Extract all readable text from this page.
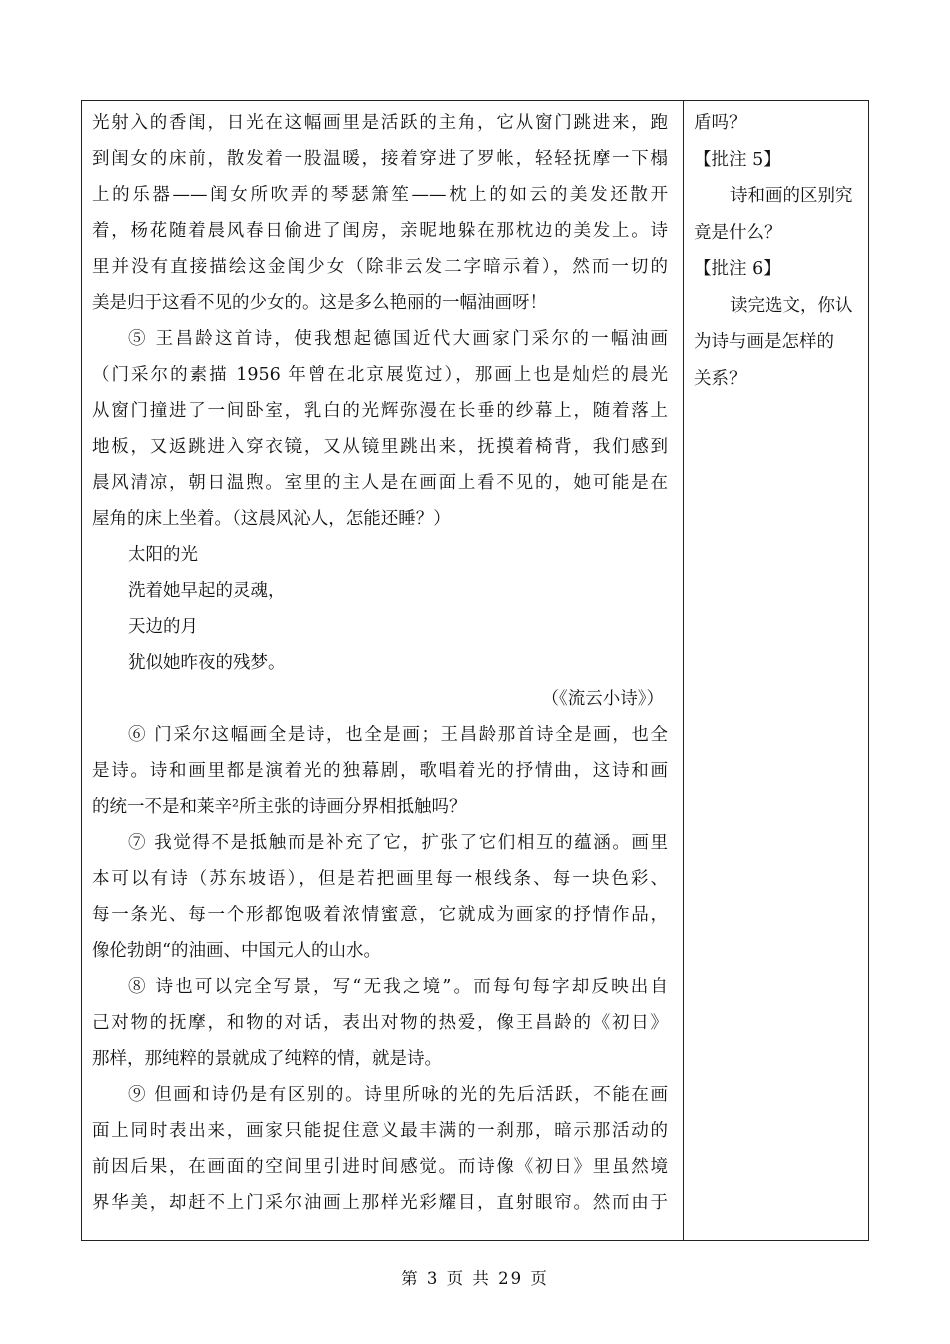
光射入的香闺，日光在这幅画里是活跃的主角，它从窗门跳进来，跑
到闺女的床前，散发着一股温暖，接着穿进了罗帐，轻轻抚摩一下榻
上的乐器——闺女所吹弄的琴瑟箫笙——枕上的如云的美发还散开
着，杨花随着晨风春日偷进了闺房，亲昵地躲在那枕边的美发上。诗
里并没有直接描绘这金闺少女（除非云发二字暗示着），然而一切的
美是归于这看不见的少女的。这是多么艳丽的一幅油画呀！
⑤ 王昌龄这首诗，使我想起德国近代大画家门采尔的一幅油画
（门采尔的素描 1956 年曾在北京展览过），那画上也是灿烂的晨光
从窗门撞进了一间卧室，乳白的光辉弥漫在长垂的纱幕上，随着落上
地板，又返跳进入穿衣镜，又从镜里跳出来，抚摸着椅背，我们感到
晨风清凉，朝日温煦。室里的主人是在画面上看不见的，她可能是在
屋角的床上坐着。（这晨风沁人，怎能还睡？）
太阳的光
洗着她早起的灵魂，
天边的月
犹似她昨夜的残梦。
（《流云小诗》）
⑥ 门采尔这幅画全是诗，也全是画；王昌龄那首诗全是画，也全
是诗。诗和画里都是演着光的独幕剧，歌唱着光的抒情曲，这诗和画
的统一不是和莱辛²所主张的诗画分界相抵触吗？
⑦ 我觉得不是抵触而是补充了它，扩张了它们相互的蕴涵。画里
本可以有诗（苏东坡语），但是若把画里每一根线条、每一块色彩、
每一条光、每一个形都饱吸着浓情蜜意，它就成为画家的抒情作品，
像伦勃朗“的油画、中国元人的山水。
⑧ 诗也可以完全写景，写“无我之境”。而每句每字却反映出自
己对物的抚摩，和物的对话，表出对物的热爱，像王昌龄的《初日》
那样，那纯粹的景就成了纯粹的情，就是诗。
⑨ 但画和诗仍是有区别的。诗里所咏的光的先后活跃，不能在画
面上同时表出来，画家只能捉住意义最丰满的一刹那，暗示那活动的
前因后果，在画面的空间里引进时间感觉。而诗像《初日》里虽然境
界华美，却赶不上门采尔油画上那样光彩耀目，直射眼帘。然而由于
盾吗？
【批注 5】
诗和画的区别究
竟是什么？
【批注 6】
读完选文，你认
为诗与画是怎样的
关系？
第 3 页 共 29 页
